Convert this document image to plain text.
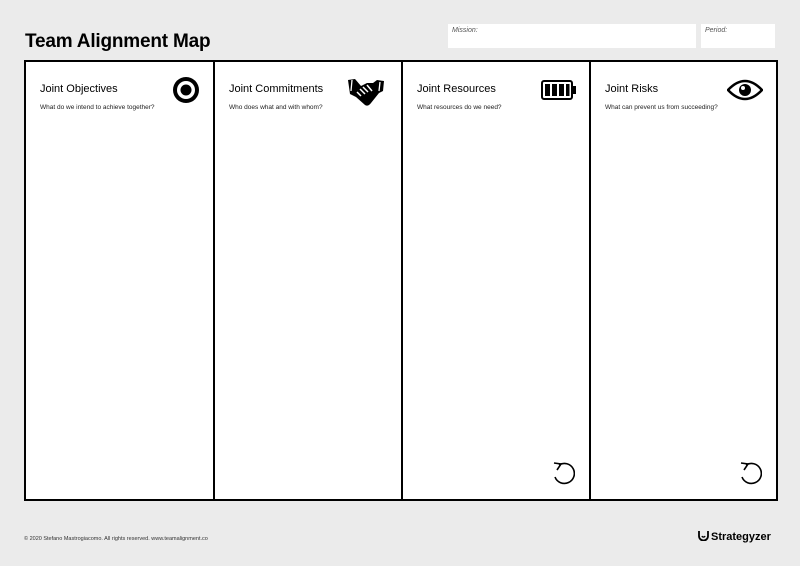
Team Alignment Map
Mission:	Period:
Joint Objectives
What do we intend to achieve together?
Joint Commitments
Who does what and with whom?
Joint Resources
What resources do we need?
Joint Risks
What can prevent us from succeeding?
© 2020 Stefano Mastrogiacomo. All rights reserved. www.teamalignment.co	Strategyzer
